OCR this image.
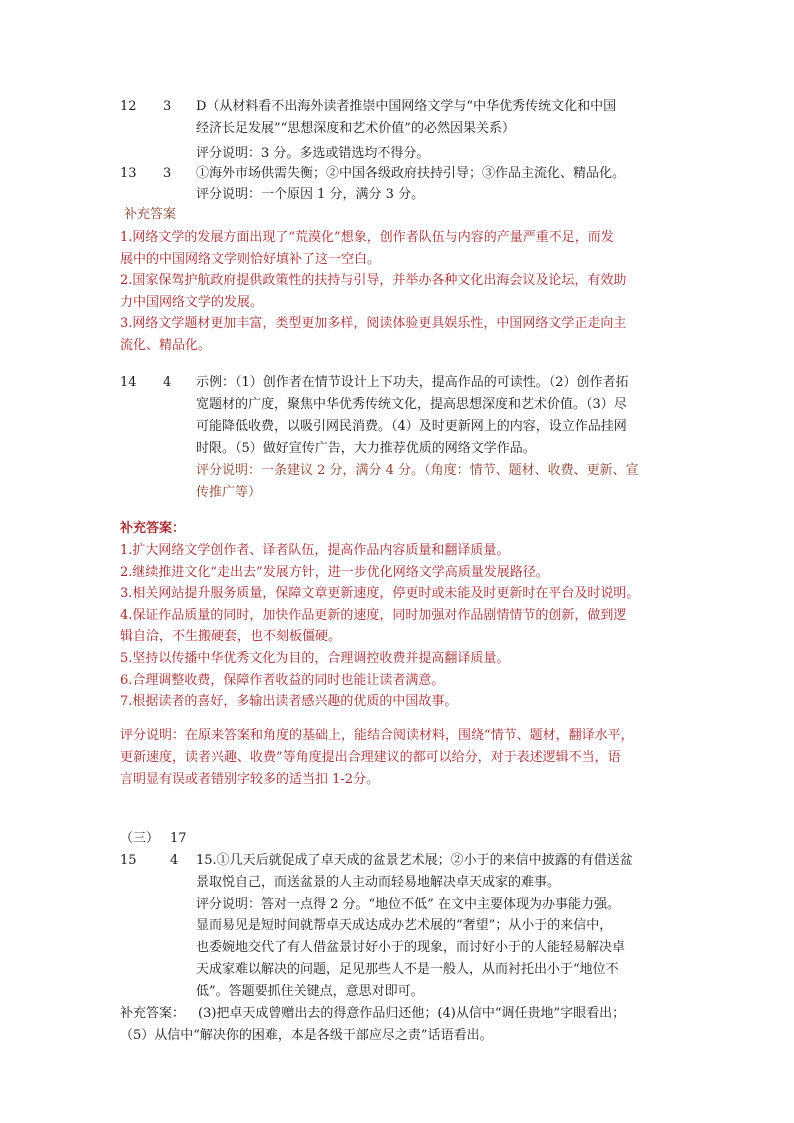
12 3 D（从材料看不出海外读者推崇中国网络文学与“中华优秀传统文化和中国
经济长足发展”“思想深度和艺术价值”的必然因果关系）
评分说明：3 分。多选或错选均不得分。
13 3 ①海外市场供需失衡；②中国各级政府扶持引导；③作品主流化、精品化。
评分说明：一个原因 1 分，满分 3 分。
补充答案
1.网络文学的发展方面出现了“荒漠化”想象，创作者队伍与内容的产量严重不足，而发
展中的中国网络文学则恰好填补了这一空白。
2.国家保驾护航政府提供政策性的扶持与引导，并举办各种文化出海会议及论坛，有效助
力中国网络文学的发展。
3.网络文学题材更加丰富，类型更加多样，阅读体验更具娱乐性，中国网络文学正走向主
流化、精品化。
14 4 示例：（1）创作者在情节设计上下功夫，提高作品的可读性。（2）创作者拓
宽题材的广度，聚焦中华优秀传统文化，提高思想深度和艺术价值。（3）尽
可能降低收费，以吸引网民消费。（4）及时更新网上的内容，设立作品挂网
时限。（5）做好宣传广告，大力推荐优质的网络文学作品。
评分说明：一条建议 2 分，满分 4 分。（角度：情节、题材、收费、更新、宣
传推广等）
补充答案：
1.扩大网络文学创作者、译者队伍，提高作品内容质量和翻译质量。
2.继续推进文化“走出去”发展方针，进一步优化网络文学高质量发展路径。
3.相关网站提升服务质量，保障文章更新速度，停更时或未能及时更新时在平台及时说明。
4.保证作品质量的同时，加快作品更新的速度，同时加强对作品剧情情节的创新，做到逻
辑自洽，不生搬硬套，也不刻板僵硬。
5.坚持以传播中华优秀文化为目的，合理调控收费并提高翻译质量。
6.合理调整收费，保障作者收益的同时也能让读者满意。
7.根据读者的喜好，多输出读者感兴趣的优质的中国故事。
评分说明：在原来答案和角度的基础上，能结合阅读材料，围绕“情节、题材，翻译水平，
更新速度，读者兴趣、收费”等角度提出合理建议的都可以给分，对于表述逻辑不当，语
言明显有误或者错别字较多的适当扣 1-2分。
（三） 17
15	4 15.①几天后就促成了卓天成的盆景艺术展；②小于的来信中披露的有借送盆
景取悦自己，而送盆景的人主动而轻易地解决卓天成家的难事。
评分说明：答对一点得 2 分。“地位不低” 在文中主要体现为办事能力强。
显而易见是短时间就帮卓天成达成办艺术展的“奢望”；从小于的来信中，
也委婉地交代了有人借盆景讨好小于的现象，而讨好小于的人能轻易解决卓
天成家难以解决的问题，足见那些人不是一般人，从而衬托出小于“地位不
低”。答题要抓住关键点，意思对即可。
补充答案： (3)把卓天成曾赠出去的得意作品归还他；(4)从信中“调任贵地”字眼看出；
（5）从信中“解决你的困难，本是各级干部应尽之责”话语看出。
